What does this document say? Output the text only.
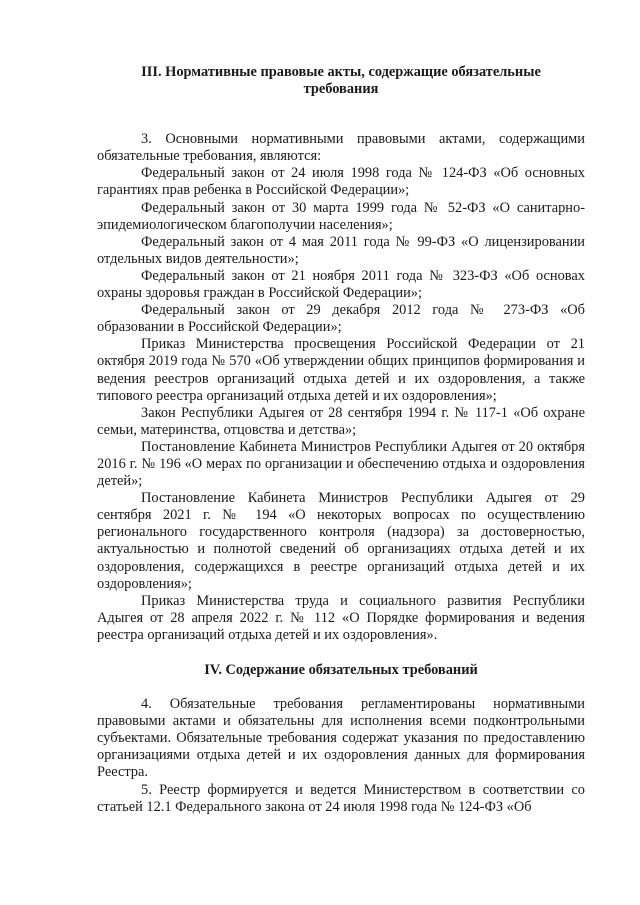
III. Нормативные правовые акты, содержащие обязательные
требования

3. Основными нормативными правовыми актами, содержащими обязательные требования, являются:

Федеральный закон от 24 июля 1998 года № 124-ФЗ «Об основных гарантиях прав ребенка в Российской Федерации»;

Федеральный закон от 30 марта 1999 года № 52-ФЗ «О санитарно-эпидемиологическом благополучии населения»;

Федеральный закон от 4 мая 2011 года № 99-ФЗ «О лицензировании отдельных видов деятельности»;

Федеральный закон от 21 ноября 2011 года № 323-ФЗ «Об основах охраны здоровья граждан в Российской Федерации»;

Федеральный закон от 29 декабря 2012 года № 273-ФЗ «Об образовании в Российской Федерации»;

Приказ Министерства просвещения Российской Федерации от 21 октября 2019 года № 570 «Об утверждении общих принципов формирования и ведения реестров организаций отдыха детей и их оздоровления, а также типового реестра организаций отдыха детей и их оздоровления»;

Закон Республики Адыгея от 28 сентября 1994 г. № 117-1 «Об охране семьи, материнства, отцовства и детства»;

Постановление Кабинета Министров Республики Адыгея от 20 октября 2016 г. № 196 «О мерах по организации и обеспечению отдыха и оздоровления детей»;

Постановление Кабинета Министров Республики Адыгея от 29 сентября 2021 г. № 194 «О некоторых вопросах по осуществлению регионального государственного контроля (надзора) за достоверностью, актуальностью и полнотой сведений об организациях отдыха детей и их оздоровления, содержащихся в реестре организаций отдыха детей и их оздоровления»;

Приказ Министерства труда и социального развития Республики Адыгея от 28 апреля 2022 г. № 112 «О Порядке формирования и ведения реестра организаций отдыха детей и их оздоровления».

IV. Содержание обязательных требований

4. Обязательные требования регламентированы нормативными правовыми актами и обязательны для исполнения всеми подконтрольными субъектами. Обязательные требования содержат указания по предоставлению организациями отдыха детей и их оздоровления данных для формирования Реестра.

5. Реестр формируется и ведется Министерством в соответствии со статьей 12.1 Федерального закона от 24 июля 1998 года № 124-ФЗ «Об
